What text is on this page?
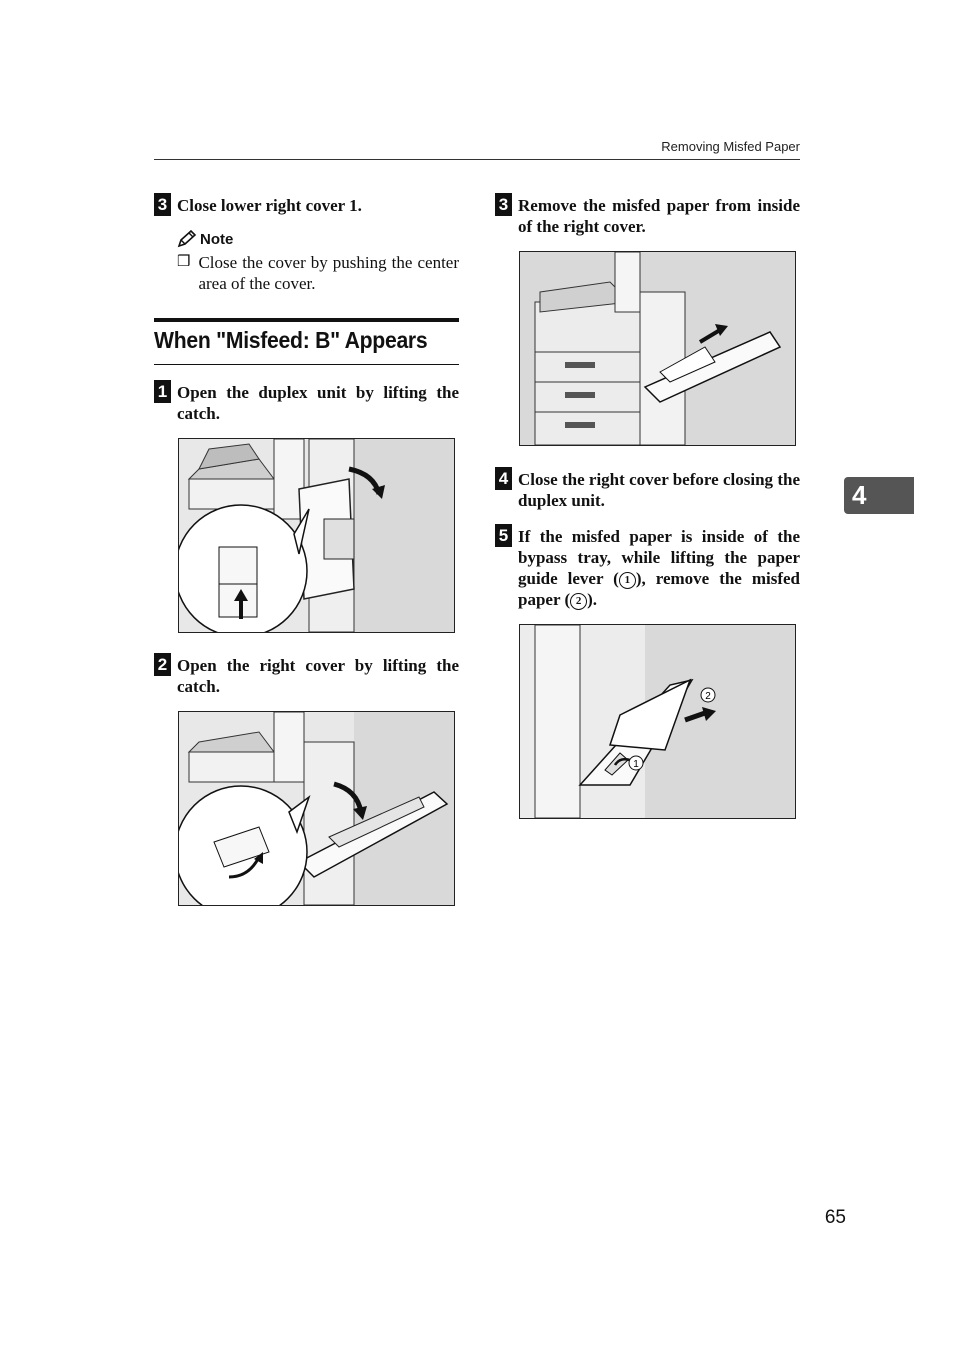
Removing Misfed Paper
3 Close lower right cover 1.
Note
❒ Close the cover by pushing the center area of the cover.
When "Misfeed: B" Appears
1 Open the duplex unit by lifting the catch.
2 Open the right cover by lifting the catch.
3 Remove the misfed paper from inside of the right cover.
4
4 Close the right cover before closing the duplex unit.
5 If the misfed paper is inside of the bypass tray, while lifting the paper guide lever ( 1 ), remove the misfed paper ( 2 ).
1
2
65
